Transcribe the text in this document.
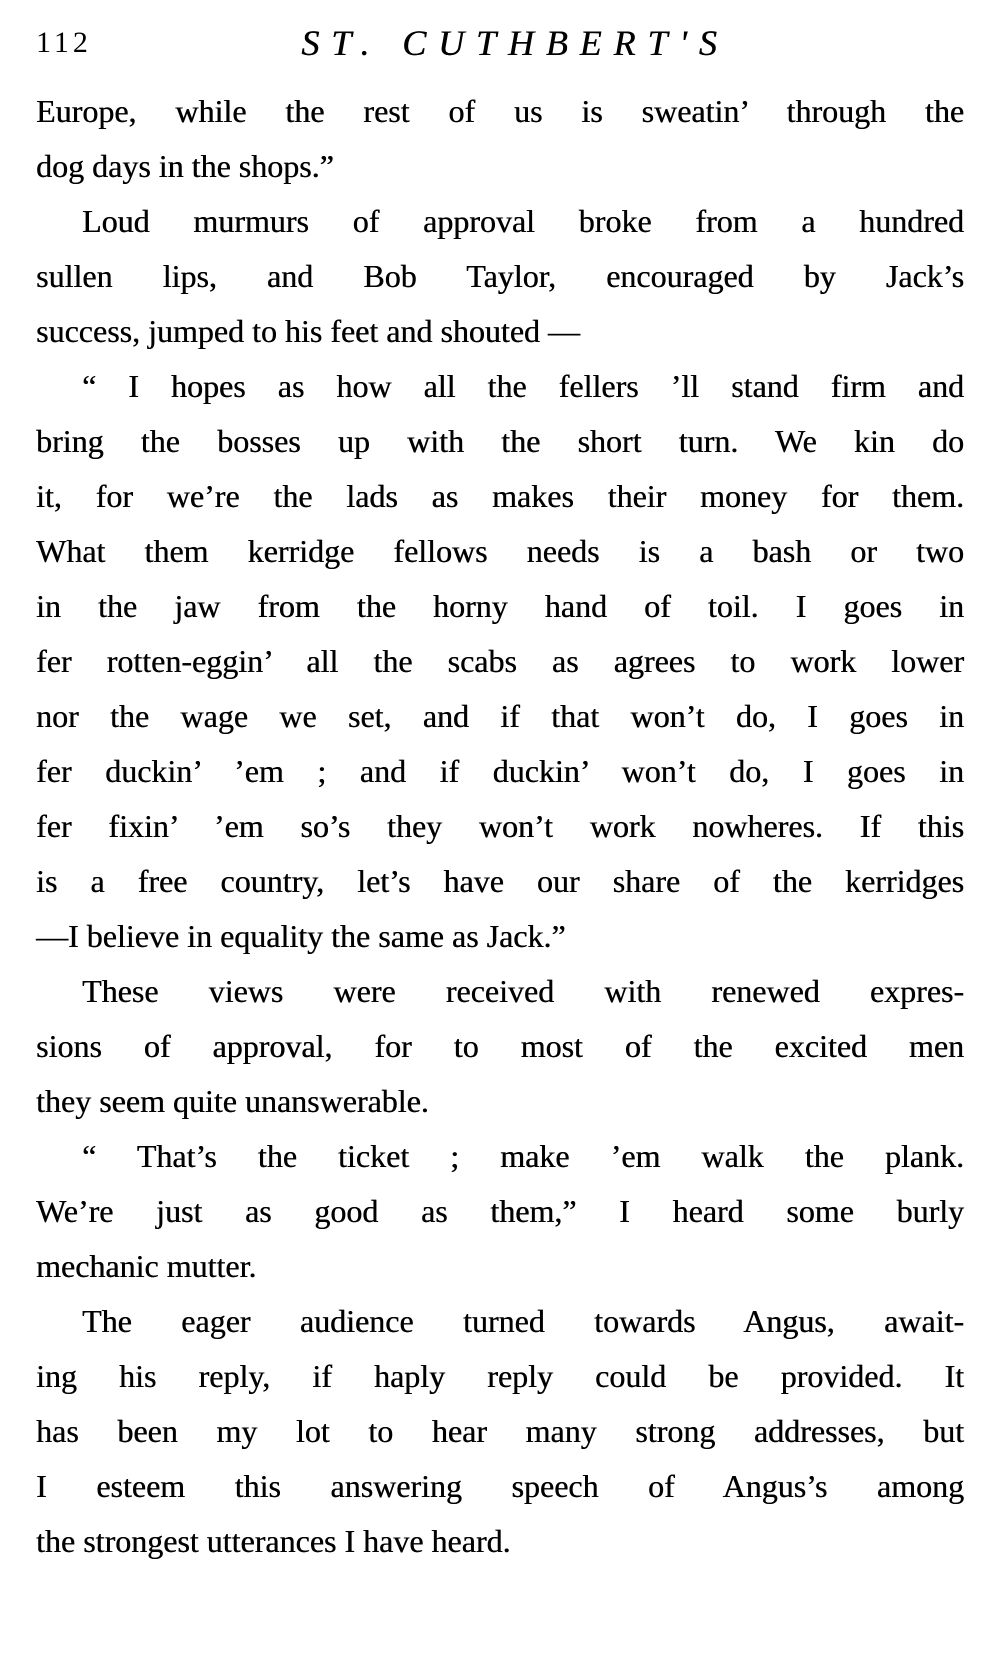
112	ST. CUTHBERT'S

Europe, while the rest of us is sweatin’ through the
dog days in the shops.”

Loud murmurs of approval broke from a hundred
sullen lips, and Bob Taylor, encouraged by Jack’s
success, jumped to his feet and shouted —

“ I hopes as how all the fellers ’ll stand firm and
bring the bosses up with the short turn. We kin do
it, for we’re the lads as makes their money for them.
What them kerridge fellows needs is a bash or two
in the jaw from the horny hand of toil. I goes in
fer rotten-eggin’ all the scabs as agrees to work lower
nor the wage we set, and if that won’t do, I goes in
fer duckin’ ’em ; and if duckin’ won’t do, I goes in
fer fixin’ ’em so’s they won’t work nowheres. If this
is a free country, let’s have our share of the kerridges
—I believe in equality the same as Jack.”

These views were received with renewed expres-
sions of approval, for to most of the excited men
they seem quite unanswerable.

“ That’s the ticket ; make ’em walk the plank.
We’re just as good as them,” I heard some burly
mechanic mutter.

The eager audience turned towards Angus, await-
ing his reply, if haply reply could be provided. It
has been my lot to hear many strong addresses, but
I esteem this answering speech of Angus’s among
the strongest utterances I have heard.
